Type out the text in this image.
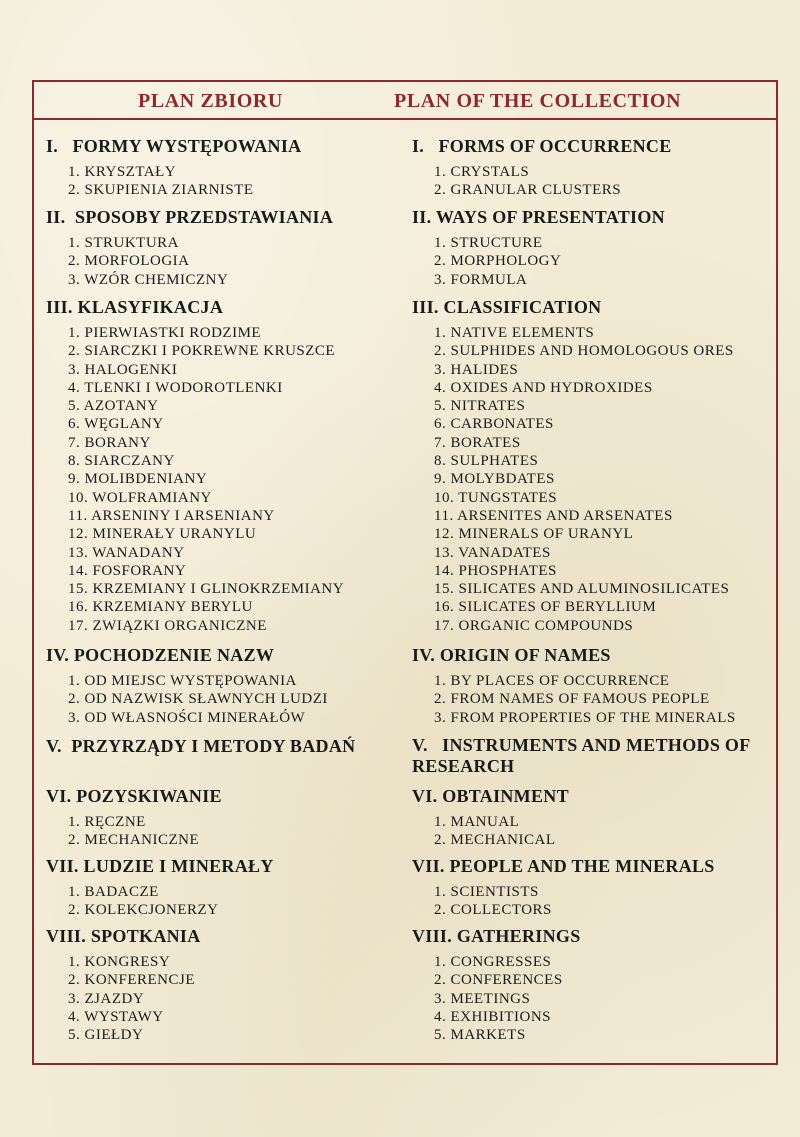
PLAN ZBIORU	PLAN OF THE COLLECTION
I.   FORMY WYSTĘPOWANIA
1. KRYSZTAŁY
2. SKUPIENIA ZIARNISTE
II.  SPOSOBY PRZEDSTAWIANIA
1. STRUKTURA
2. MORFOLOGIA
3. WZÓR CHEMICZNY
III. KLASYFIKACJA
1. PIERWIASTKI RODZIME
2. SIARCZKI I POKREWNE KRUSZCE
3. HALOGENKI
4. TLENKI I WODOROTLENKI
5. AZOTANY
6. WĘGLANY
7. BORANY
8. SIARCZANY
9. MOLIBDENIANY
10. WOLFRAMIANY
11. ARSENINY I ARSENIANY
12. MINERAŁY URANYLU
13. WANADANY
14. FOSFORANY
15. KRZEMIANY I GLINOKRZEMIANY
16. KRZEMIANY BERYLU
17. ZWIĄZKI ORGANICZNE
IV. POCHODZENIE NAZW
1. OD MIEJSC WYSTĘPOWANIA
2. OD NAZWISK SŁAWNYCH LUDZI
3. OD WŁASNOŚCI MINERAŁÓW
V.  PRZYRZĄDY I METODY BADAŃ
VI. POZYSKIWANIE
1. RĘCZNE
2. MECHANICZNE
VII. LUDZIE I MINERAŁY
1. BADACZE
2. KOLEKCJONERZY
VIII. SPOTKANIA
1. KONGRESY
2. KONFERENCJE
3. ZJAZDY
4. WYSTAWY
5. GIEŁDY
I.   FORMS OF OCCURRENCE
1. CRYSTALS
2. GRANULAR CLUSTERS
II. WAYS OF PRESENTATION
1. STRUCTURE
2. MORPHOLOGY
3. FORMULA
III. CLASSIFICATION
1. NATIVE ELEMENTS
2. SULPHIDES AND HOMOLOGOUS ORES
3. HALIDES
4. OXIDES AND HYDROXIDES
5. NITRATES
6. CARBONATES
7. BORATES
8. SULPHATES
9. MOLYBDATES
10. TUNGSTATES
11. ARSENITES AND ARSENATES
12. MINERALS OF URANYL
13. VANADATES
14. PHOSPHATES
15. SILICATES AND ALUMINOSILICATES
16. SILICATES OF BERYLLIUM
17. ORGANIC COMPOUNDS
IV. ORIGIN OF NAMES
1. BY PLACES OF OCCURRENCE
2. FROM NAMES OF FAMOUS PEOPLE
3. FROM PROPERTIES OF THE MINERALS
V.   INSTRUMENTS AND METHODS OF RESEARCH
VI. OBTAINMENT
1. MANUAL
2. MECHANICAL
VII. PEOPLE AND THE MINERALS
1. SCIENTISTS
2. COLLECTORS
VIII. GATHERINGS
1. CONGRESSES
2. CONFERENCES
3. MEETINGS
4. EXHIBITIONS
5. MARKETS
